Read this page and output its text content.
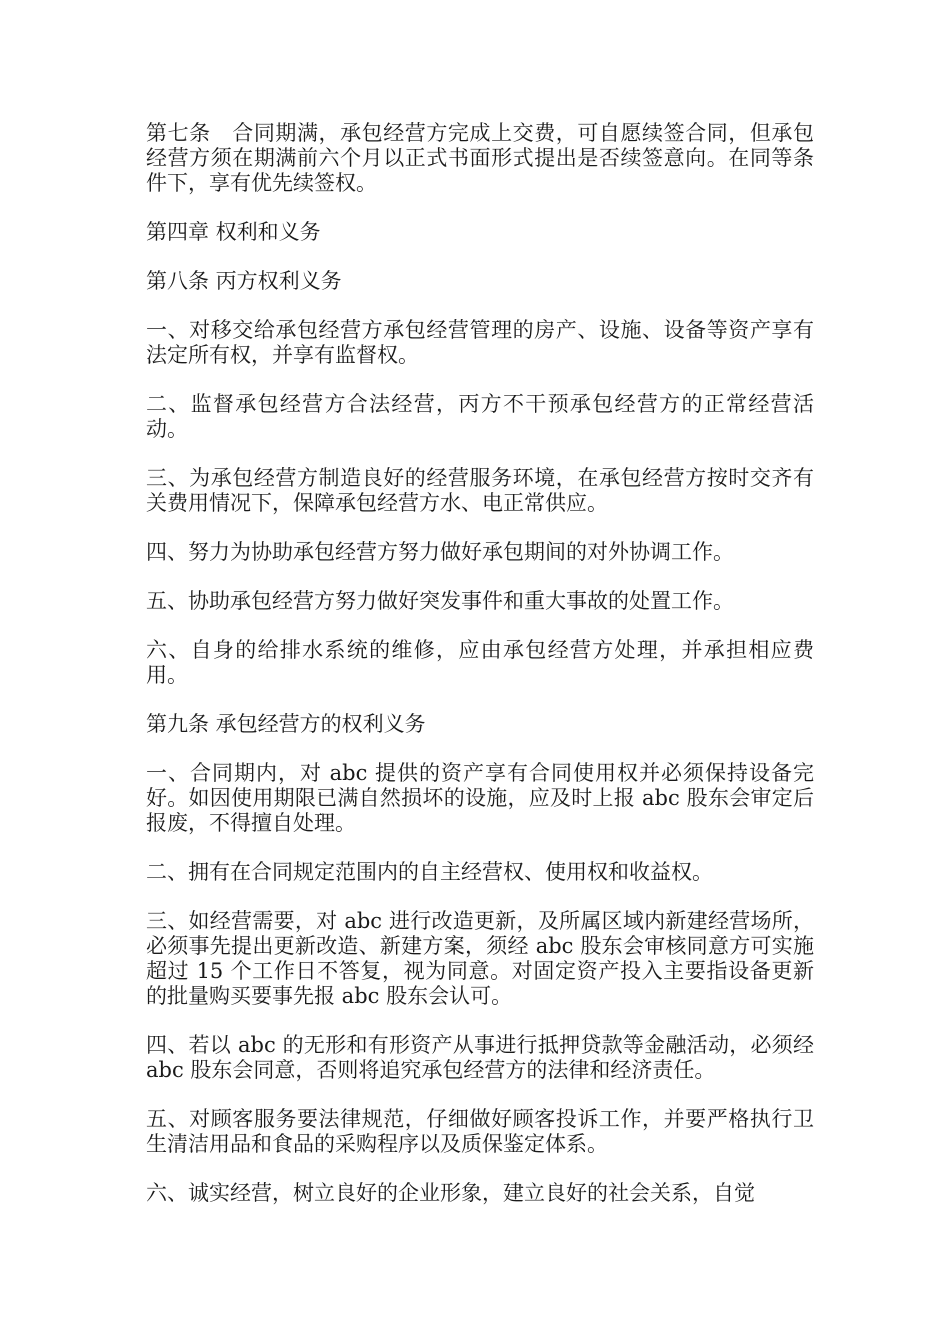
第七条　合同期满，承包经营方完成上交费，可自愿续签合同，但承包经营方须在期满前六个月以正式书面形式提出是否续签意向。在同等条件下，享有优先续签权。

第四章 权利和义务

第八条 丙方权利义务

一、对移交给承包经营方承包经营管理的房产、设施、设备等资产享有法定所有权，并享有监督权。

二、监督承包经营方合法经营，丙方不干预承包经营方的正常经营活动。

三、为承包经营方制造良好的经营服务环境，在承包经营方按时交齐有关费用情况下，保障承包经营方水、电正常供应。

四、努力为协助承包经营方努力做好承包期间的对外协调工作。

五、协助承包经营方努力做好突发事件和重大事故的处置工作。

六、自身的给排水系统的维修，应由承包经营方处理，并承担相应费用。

第九条 承包经营方的权利义务

一、合同期内，对 abc 提供的资产享有合同使用权并必须保持设备完好。如因使用期限已满自然损坏的设施，应及时上报 abc 股东会审定后报废，不得擅自处理。

二、拥有在合同规定范围内的自主经营权、使用权和收益权。

三、如经营需要，对 abc 进行改造更新，及所属区域内新建经营场所，必须事先提出更新改造、新建方案，须经 abc 股东会审核同意方可实施超过 15 个工作日不答复，视为同意。对固定资产投入主要指设备更新的批量购买要事先报 abc 股东会认可。

四、若以 abc 的无形和有形资产从事进行抵押贷款等金融活动，必须经 abc 股东会同意，否则将追究承包经营方的法律和经济责任。

五、对顾客服务要法律规范，仔细做好顾客投诉工作，并要严格执行卫生清洁用品和食品的采购程序以及质保鉴定体系。

六、诚实经营，树立良好的企业形象，建立良好的社会关系，自觉
